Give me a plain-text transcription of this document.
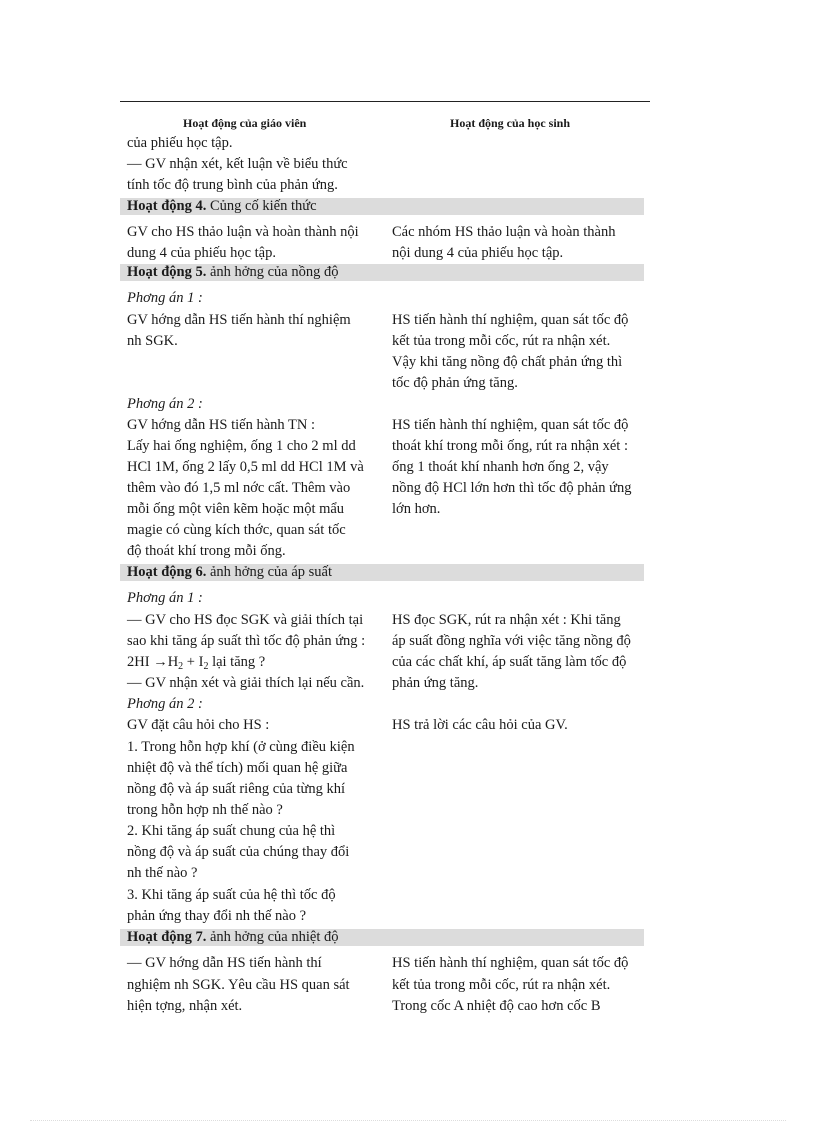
Hoạt động của giáo viên	Hoạt động của học sinh
của phiếu học tập.
— GV nhận xét, kết luận về biểu thức
tính tốc độ trung bình của phản ứng.
Hoạt động 4. Củng cố kiến thức
GV cho HS thảo luận và hoàn thành nội
dung 4 của phiếu học tập.
Các nhóm HS thảo luận và hoàn thành
nội dung 4 của phiếu học tập.
Hoạt động 5. ảnh hởng của nồng độ
Phơng án 1 :
GV hớng dẫn HS tiến hành thí nghiệm
nh SGK.
HS tiến hành thí nghiệm, quan sát tốc độ
kết tủa trong mỗi cốc, rút ra nhận xét.
Vậy khi tăng nồng độ chất phản ứng thì
tốc độ phản ứng tăng.
Phơng án 2 :
GV hớng dẫn HS tiến hành TN :
Lấy hai ống nghiệm, ống 1 cho 2 ml dd
HCl 1M, ống 2 lấy 0,5 ml dd HCl 1M và
thêm vào đó 1,5 ml nớc cất. Thêm vào
mỗi ống một viên kẽm hoặc một mẩu
magie có cùng kích thớc, quan sát tốc
độ thoát khí trong mỗi ống.
HS tiến hành thí nghiệm, quan sát tốc độ
thoát khí trong mỗi ống, rút ra nhận xét :
ống 1 thoát khí nhanh hơn ống 2, vậy
nồng độ HCl lớn hơn thì tốc độ phản ứng
lớn hơn.
Hoạt động 6. ảnh hởng của áp suất
Phơng án 1 :
— GV cho HS đọc SGK và giải thích tại
sao khi tăng áp suất thì tốc độ phản ứng :
$2HI \to H_2 + I_2$ lại tăng ?
— GV nhận xét và giải thích lại nếu cần.
HS đọc SGK, rút ra nhận xét : Khi tăng
áp suất đồng nghĩa với việc tăng nồng độ
của các chất khí, áp suất tăng làm tốc độ
phản ứng tăng.
Phơng án 2 :
GV đặt câu hỏi cho HS :
1. Trong hỗn hợp khí (ở cùng điều kiện
nhiệt độ và thể tích) mối quan hệ giữa
nồng độ và áp suất riêng của từng khí
trong hỗn hợp nh thế nào ?
2. Khi tăng áp suất chung của hệ thì
nồng độ và áp suất của chúng thay đổi
nh thế nào ?
3. Khi tăng áp suất của hệ thì tốc độ
phản ứng thay đổi nh thế nào ?
HS trả lời các câu hỏi của GV.
Hoạt động 7. ảnh hởng của nhiệt độ
— GV hớng dẫn HS tiến hành thí
nghiệm nh SGK. Yêu cầu HS quan sát
hiện tợng, nhận xét.
HS tiến hành thí nghiệm, quan sát tốc độ
kết tủa trong mỗi cốc, rút ra nhận xét.
Trong cốc A nhiệt độ cao hơn cốc B
